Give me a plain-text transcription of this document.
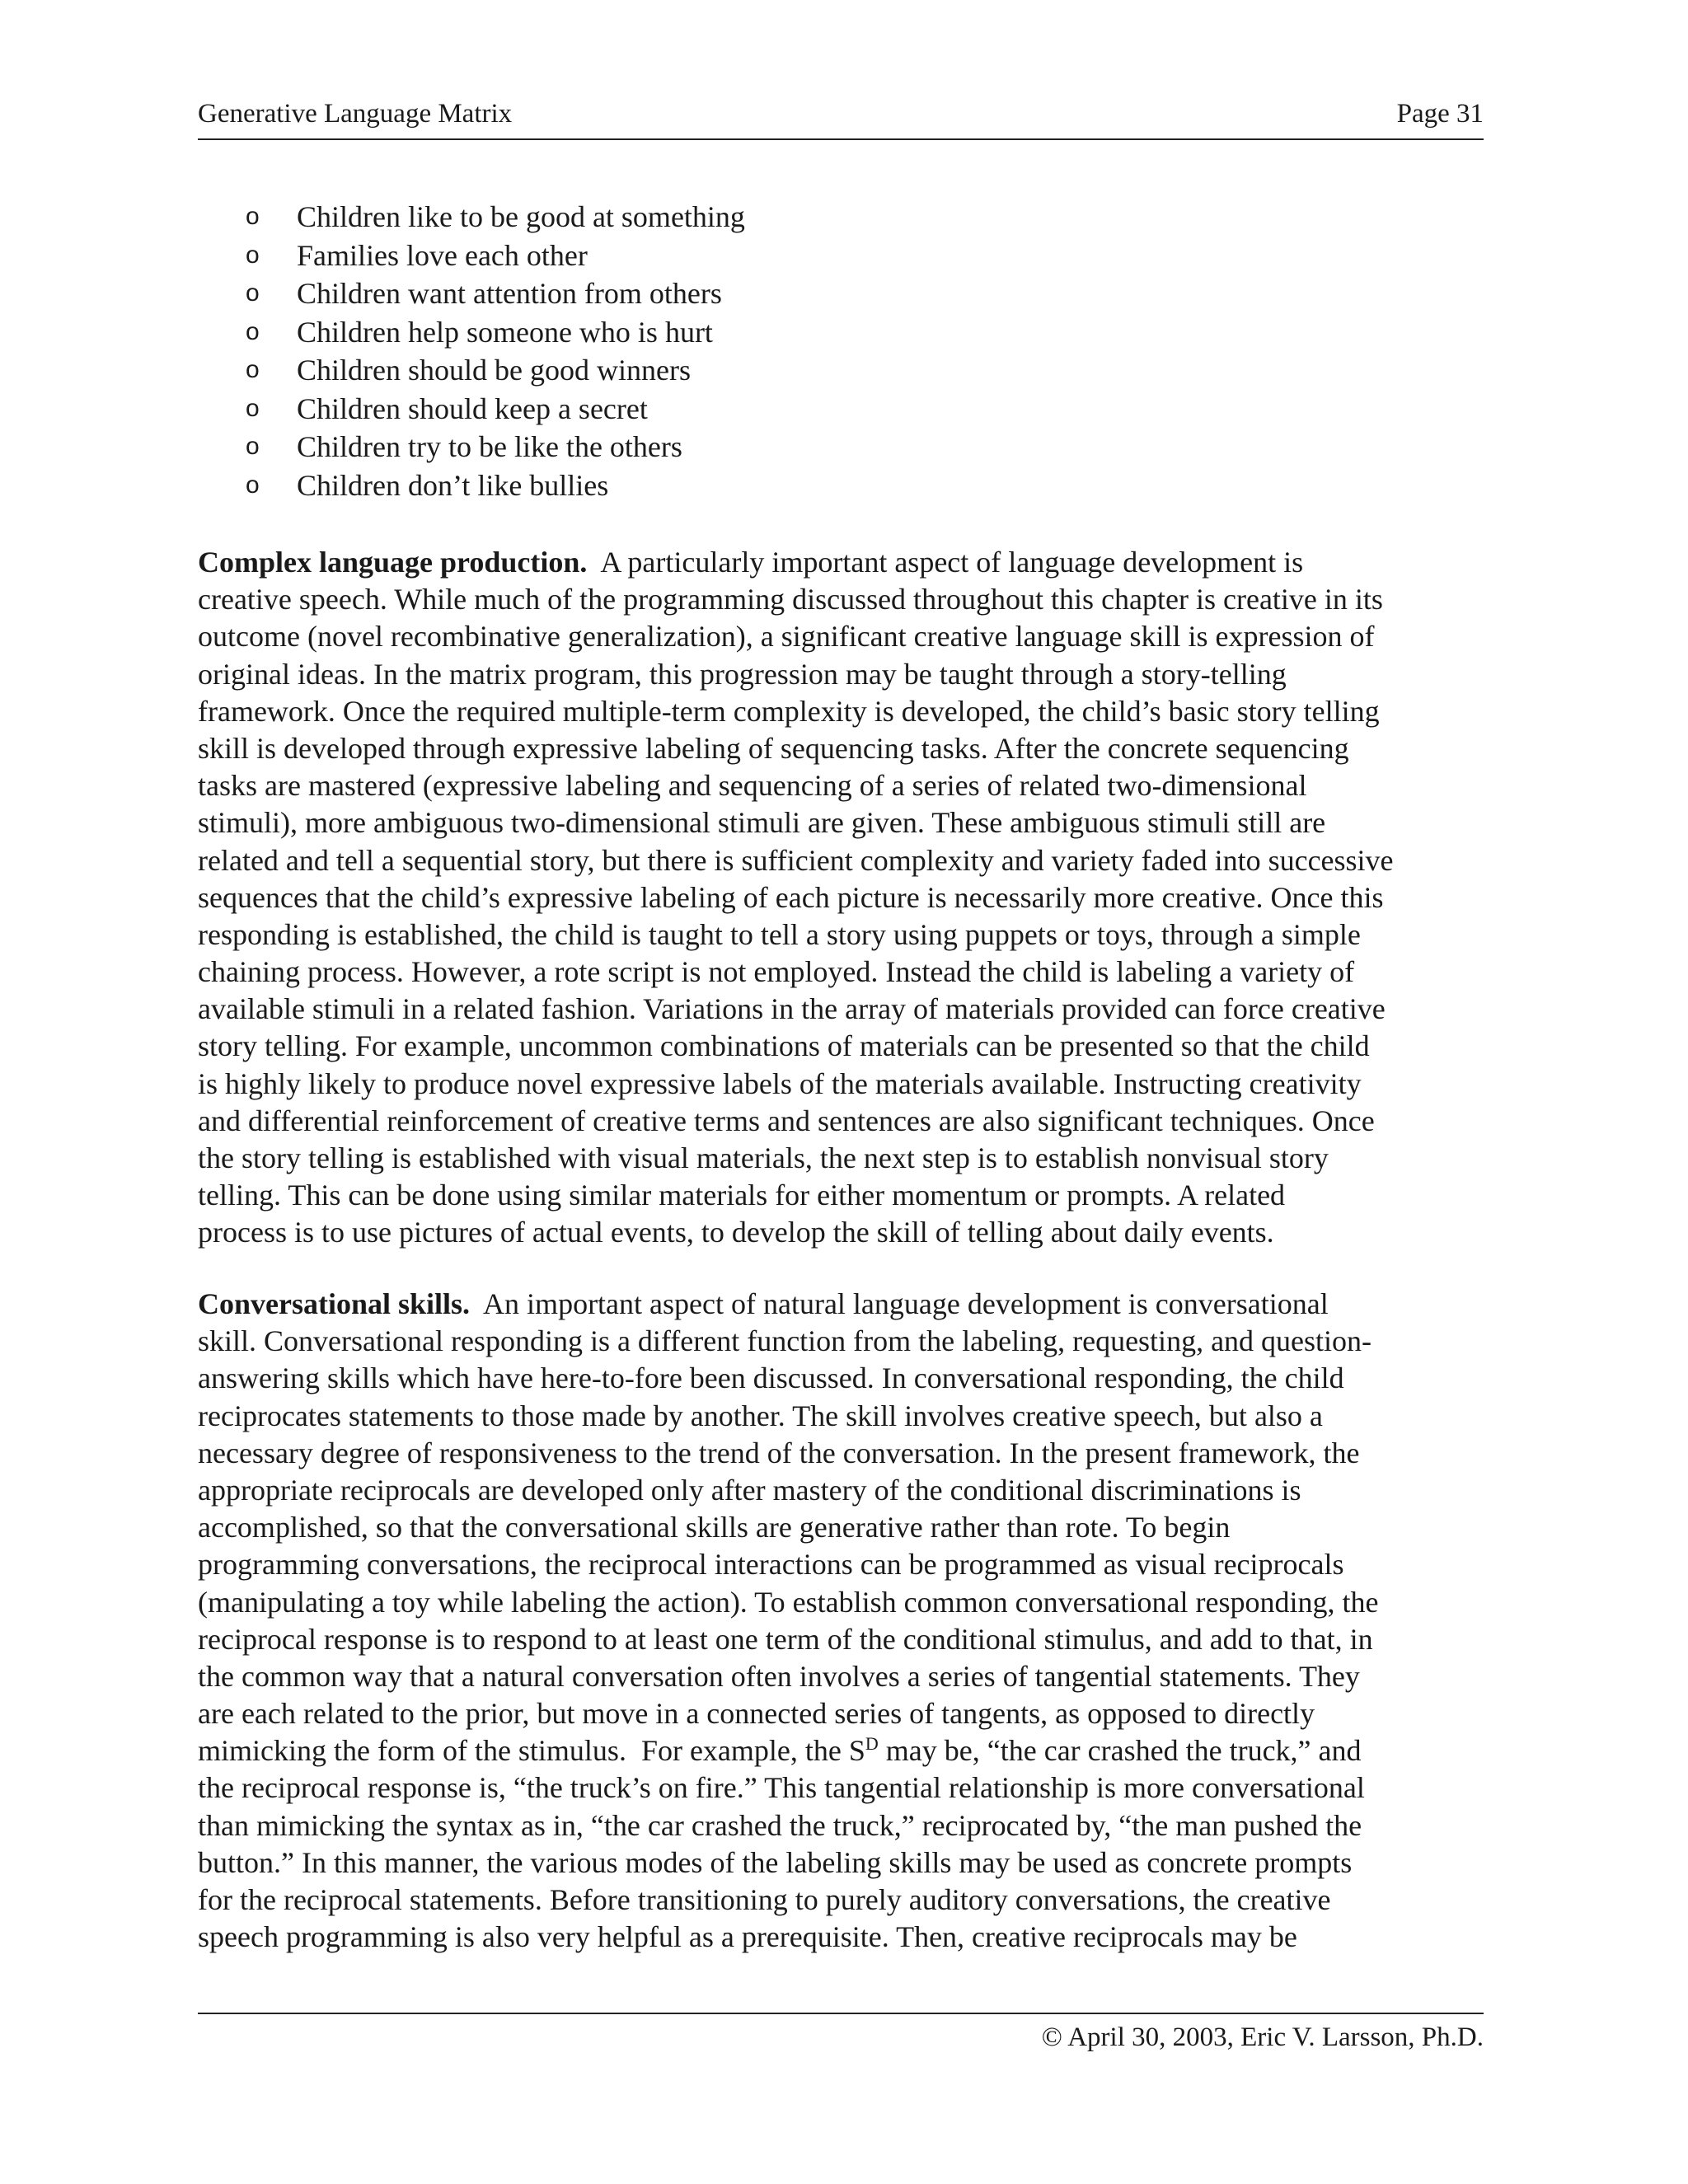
Generative Language Matrix	Page 31
o Children like to be good at something
o Families love each other
o Children want attention from others
o Children help someone who is hurt
o Children should be good winners
o Children should keep a secret
o Children try to be like the others
o Children don’t like bullies
Complex language production.  A particularly important aspect of language development is
creative speech. While much of the programming discussed throughout this chapter is creative in its
outcome (novel recombinative generalization), a significant creative language skill is expression of
original ideas. In the matrix program, this progression may be taught through a story-telling
framework. Once the required multiple-term complexity is developed, the child’s basic story telling
skill is developed through expressive labeling of sequencing tasks. After the concrete sequencing
tasks are mastered (expressive labeling and sequencing of a series of related two-dimensional
stimuli), more ambiguous two-dimensional stimuli are given. These ambiguous stimuli still are
related and tell a sequential story, but there is sufficient complexity and variety faded into successive
sequences that the child’s expressive labeling of each picture is necessarily more creative. Once this
responding is established, the child is taught to tell a story using puppets or toys, through a simple
chaining process. However, a rote script is not employed. Instead the child is labeling a variety of
available stimuli in a related fashion. Variations in the array of materials provided can force creative
story telling. For example, uncommon combinations of materials can be presented so that the child
is highly likely to produce novel expressive labels of the materials available. Instructing creativity
and differential reinforcement of creative terms and sentences are also significant techniques. Once
the story telling is established with visual materials, the next step is to establish nonvisual story
telling. This can be done using similar materials for either momentum or prompts. A related
process is to use pictures of actual events, to develop the skill of telling about daily events.
Conversational skills.  An important aspect of natural language development is conversational
skill. Conversational responding is a different function from the labeling, requesting, and question-
answering skills which have here-to-fore been discussed. In conversational responding, the child
reciprocates statements to those made by another. The skill involves creative speech, but also a
necessary degree of responsiveness to the trend of the conversation. In the present framework, the
appropriate reciprocals are developed only after mastery of the conditional discriminations is
accomplished, so that the conversational skills are generative rather than rote. To begin
programming conversations, the reciprocal interactions can be programmed as visual reciprocals
(manipulating a toy while labeling the action). To establish common conversational responding, the
reciprocal response is to respond to at least one term of the conditional stimulus, and add to that, in
the common way that a natural conversation often involves a series of tangential statements. They
are each related to the prior, but move in a connected series of tangents, as opposed to directly
mimicking the form of the stimulus.  For example, the $S^D$ may be, “the car crashed the truck,” and
the reciprocal response is, “the truck’s on fire.” This tangential relationship is more conversational
than mimicking the syntax as in, “the car crashed the truck,” reciprocated by, “the man pushed the
button.” In this manner, the various modes of the labeling skills may be used as concrete prompts
for the reciprocal statements. Before transitioning to purely auditory conversations, the creative
speech programming is also very helpful as a prerequisite. Then, creative reciprocals may be
© April 30, 2003, Eric V. Larsson, Ph.D.
